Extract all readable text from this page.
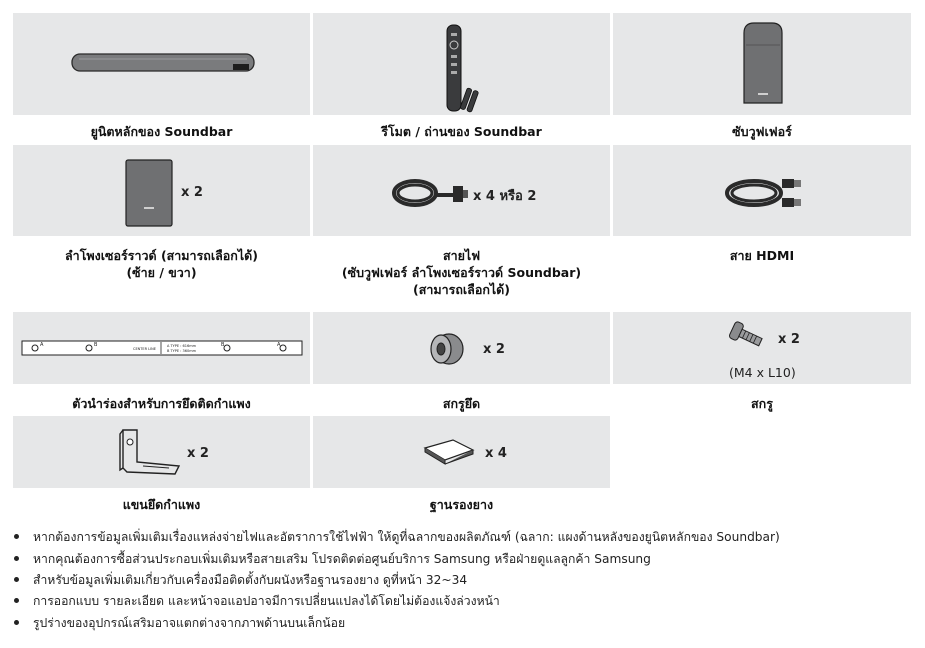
ยูนิตหลักของ Soundbar	รีโมต / ถ่านของ Soundbar	ซับวูฟเฟอร์
x 2
ลำโพงเซอร์ราวด์ (สามารถเลือกได้)
(ซ้าย / ขวา)
x 4 หรือ 2
สายไฟ
(ซับวูฟเฟอร์ ลำโพงเซอร์ราวด์ Soundbar)
(สามารถเลือกได้)
สาย HDMI
A	B	B	A
CENTER LINE
A TYPE : 616mm
B TYPE : 360mm
ตัวนำร่องสำหรับการยึดติดกำแพง
x 2
สกรูยึด
x 2
(M4 x L10)
สกรู
x 2
แขนยึดกำแพง
x 4
ฐานรองยาง
หากต้องการข้อมูลเพิ่มเติมเรื่องแหล่งจ่ายไฟและอัตราการใช้ไฟฟ้า ให้ดูที่ฉลากของผลิตภัณฑ์ (ฉลาก: แผงด้านหลังของยูนิตหลักของ Soundbar)
หากคุณต้องการซื้อส่วนประกอบเพิ่มเติมหรือสายเสริม โปรดติดต่อศูนย์บริการ Samsung หรือฝ่ายดูแลลูกค้า Samsung
สำหรับข้อมูลเพิ่มเติมเกี่ยวกับเครื่องมือติดตั้งกับผนังหรือฐานรองยาง ดูที่หน้า 32~34
การออกแบบ รายละเอียด และหน้าจอแอปอาจมีการเปลี่ยนแปลงได้โดยไม่ต้องแจ้งล่วงหน้า
รูปร่างของอุปกรณ์เสริมอาจแตกต่างจากภาพด้านบนเล็กน้อย
